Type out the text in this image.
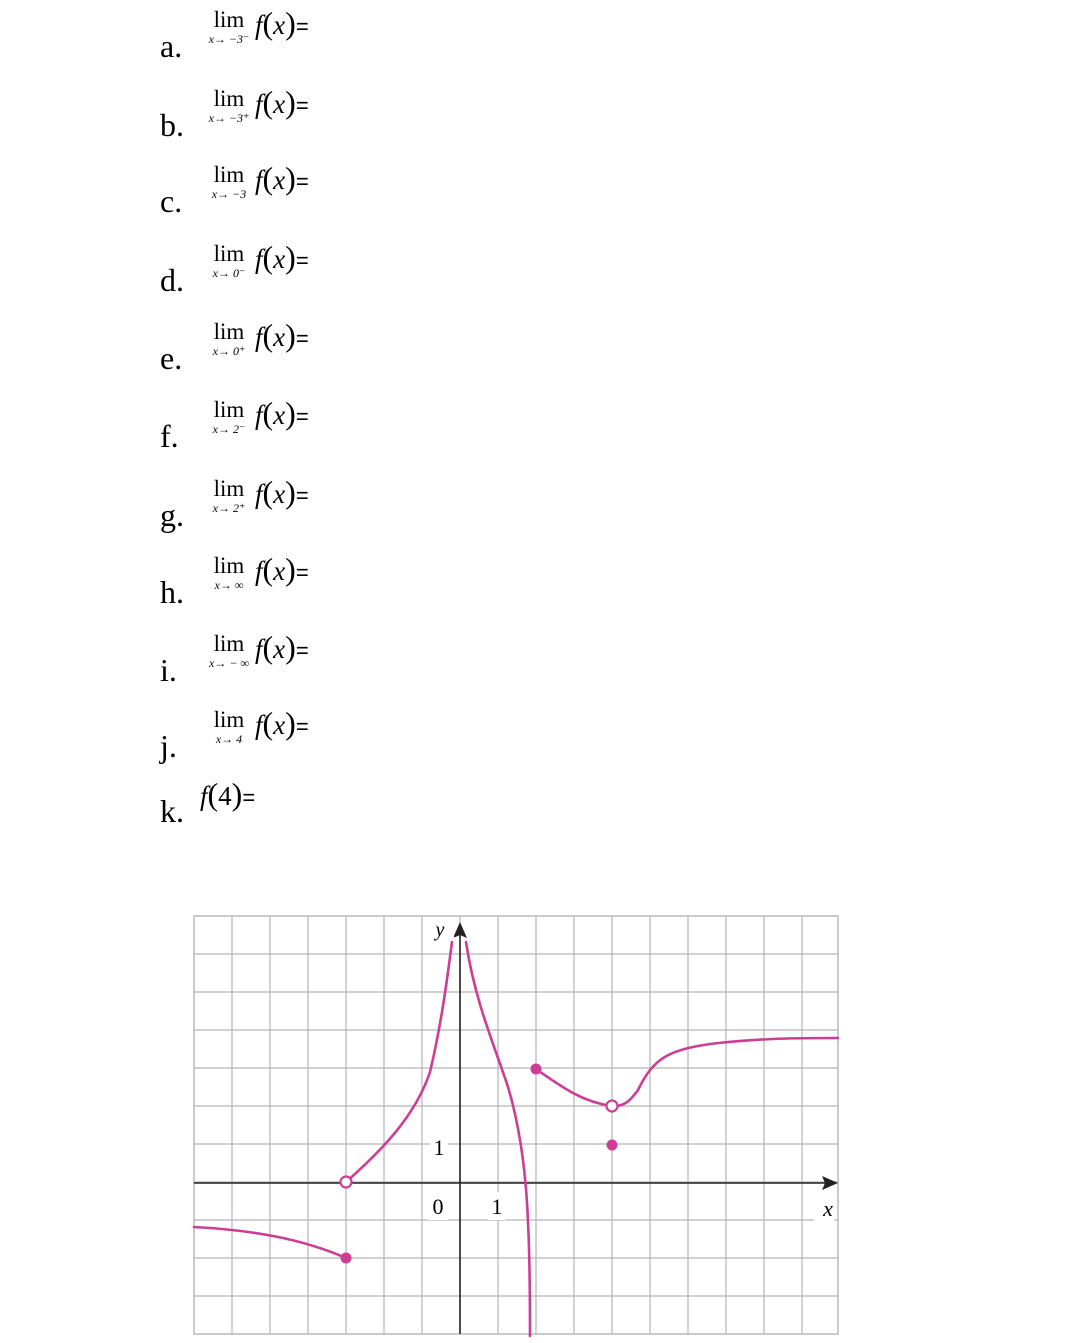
a.
lim
x→ −3⁻ f(x)=
b.
lim
x→ −3⁺ f(x)=
c.
lim
x→ −3 f(x)=
d.
lim
x→ 0⁻ f(x)=
e.
lim
x→ 0⁺ f(x)=
f.
lim
x→ 2⁻ f(x)=
g.
lim
x→ 2⁺ f(x)=
h.
lim
x→ ∞ f(x)=
i.
lim
x→ − ∞ f(x)=
j.
lim
x→ 4 f(x)=
k. f(4)=
y
x
0 1
1
